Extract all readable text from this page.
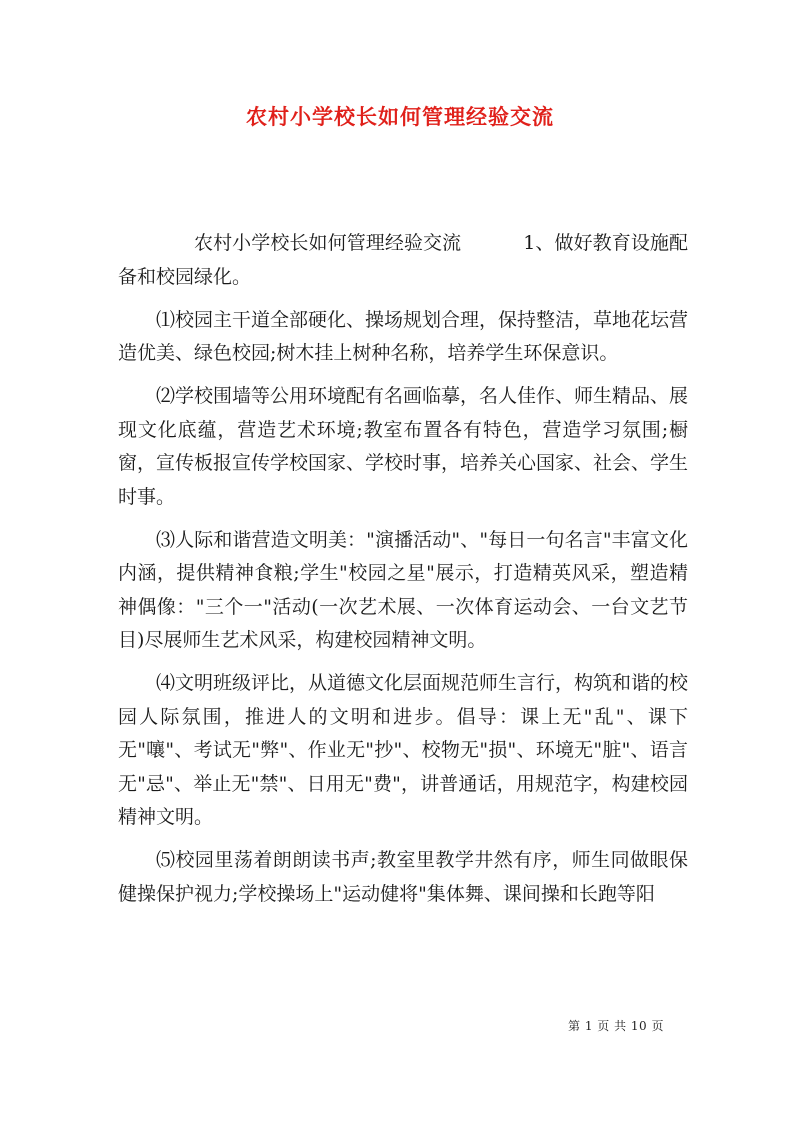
农村小学校长如何管理经验交流

农村小学校长如何管理经验交流	1、做好教育设施配备和校园绿化。

⑴校园主干道全部硬化、操场规划合理，保持整洁，草地花坛营造优美、绿色校园;树木挂上树种名称，培养学生环保意识。

⑵学校围墙等公用环境配有名画临摹，名人佳作、师生精品、展现文化底蕴，营造艺术环境;教室布置各有特色，营造学习氛围;橱窗，宣传板报宣传学校国家、学校时事，培养关心国家、社会、学生时事。

⑶人际和谐营造文明美："演播活动"、"每日一句名言"丰富文化内涵，提供精神食粮;学生"校园之星"展示，打造精英风采，塑造精神偶像："三个一"活动(一次艺术展、一次体育运动会、一台文艺节目)尽展师生艺术风采，构建校园精神文明。

⑷文明班级评比，从道德文化层面规范师生言行，构筑和谐的校园人际氛围，推进人的文明和进步。倡导：课上无"乱"、课下无"嚷"、考试无"弊"、作业无"抄"、校物无"损"、环境无"脏"、语言无"忌"、举止无"禁"、日用无"费"，讲普通话，用规范字，构建校园精神文明。

⑸校园里荡着朗朗读书声;教室里教学井然有序，师生同做眼保健操保护视力;学校操场上"运动健将"集体舞、课间操和长跑等阳

第 1 页 共 10 页
